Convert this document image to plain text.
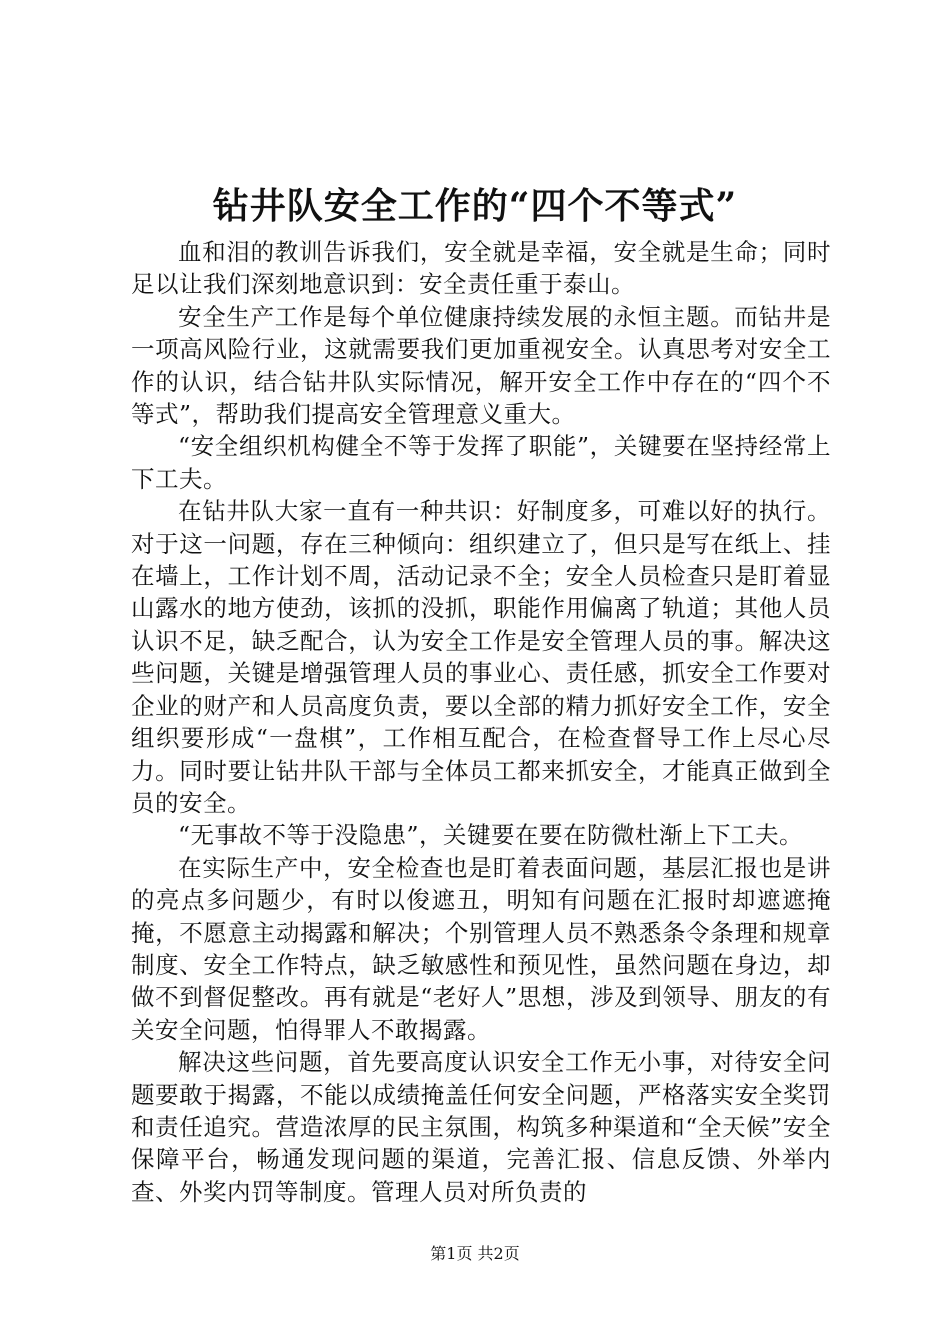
钻井队安全工作的“四个不等式”

血和泪的教训告诉我们，安全就是幸福，安全就是生命；同时足以让我们深刻地意识到：安全责任重于泰山。

安全生产工作是每个单位健康持续发展的永恒主题。而钻井是一项高风险行业，这就需要我们更加重视安全。认真思考对安全工作的认识，结合钻井队实际情况，解开安全工作中存在的“四个不等式”，帮助我们提高安全管理意义重大。

“安全组织机构健全不等于发挥了职能”，关键要在坚持经常上下工夫。

在钻井队大家一直有一种共识：好制度多，可难以好的执行。对于这一问题，存在三种倾向：组织建立了，但只是写在纸上、挂在墙上，工作计划不周，活动记录不全；安全人员检查只是盯着显山露水的地方使劲，该抓的没抓，职能作用偏离了轨道；其他人员认识不足，缺乏配合，认为安全工作是安全管理人员的事。解决这些问题，关键是增强管理人员的事业心、责任感，抓安全工作要对企业的财产和人员高度负责，要以全部的精力抓好安全工作，安全组织要形成“一盘棋”，工作相互配合，在检查督导工作上尽心尽力。同时要让钻井队干部与全体员工都来抓安全，才能真正做到全员的安全。

“无事故不等于没隐患”，关键要在要在防微杜渐上下工夫。

在实际生产中，安全检查也是盯着表面问题，基层汇报也是讲的亮点多问题少，有时以俊遮丑，明知有问题在汇报时却遮遮掩掩，不愿意主动揭露和解决；个别管理人员不熟悉条令条理和规章制度、安全工作特点，缺乏敏感性和预见性，虽然问题在身边，却做不到督促整改。再有就是“老好人”思想，涉及到领导、朋友的有关安全问题，怕得罪人不敢揭露。

解决这些问题，首先要高度认识安全工作无小事，对待安全问题要敢于揭露，不能以成绩掩盖任何安全问题，严格落实安全奖罚和责任追究。营造浓厚的民主氛围，构筑多种渠道和“全天候”安全保障平台，畅通发现问题的渠道，完善汇报、信息反馈、外举内查、外奖内罚等制度。管理人员对所负责的

第1页 共2页
